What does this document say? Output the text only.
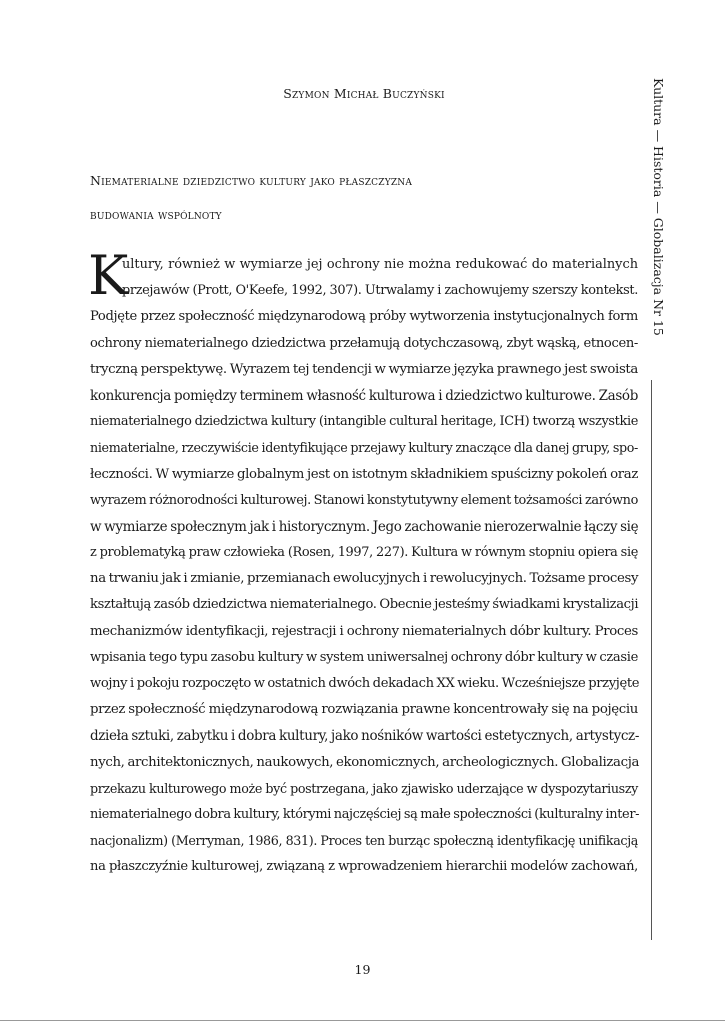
Szymon Michał Buczyński
Niematerialne dziedzictwo kultury jako płaszczyzna
budowania wspólnoty
K
ultury, również w wymiarze jej ochrony nie można redukować do materialnych
przejawów (Prott, O'Keefe, 1992, 307). Utrwalamy i zachowujemy szerszy kontekst.
Podjęte przez społeczność międzynarodową próby wytworzenia instytucjonalnych form
ochrony niematerialnego dziedzictwa przełamują dotychczasową, zbyt wąską, etnocen-
tryczną perspektywę. Wyrazem tej tendencji w wymiarze języka prawnego jest swoista
konkurencja pomiędzy terminem własność kulturowa i dziedzictwo kulturowe. Zasób
niematerialnego dziedzictwa kultury (intangible cultural heritage, ICH) tworzą wszystkie
niematerialne, rzeczywiście identyfikujące przejawy kultury znaczące dla danej grupy, spo-
łeczności. W wymiarze globalnym jest on istotnym składnikiem spuścizny pokoleń oraz
wyrazem różnorodności kulturowej. Stanowi konstytutywny element tożsamości zarówno
w wymiarze społecznym jak i historycznym. Jego zachowanie nierozerwalnie łączy się
z problematyką praw człowieka (Rosen, 1997, 227). Kultura w równym stopniu opiera się
na trwaniu jak i zmianie, przemianach ewolucyjnych i rewolucyjnych. Tożsame procesy
kształtują zasób dziedzictwa niematerialnego. Obecnie jesteśmy świadkami krystalizacji
mechanizmów identyfikacji, rejestracji i ochrony niematerialnych dóbr kultury. Proces
wpisania tego typu zasobu kultury w system uniwersalnej ochrony dóbr kultury w czasie
wojny i pokoju rozpoczęto w ostatnich dwóch dekadach XX wieku. Wcześniejsze przyjęte
przez społeczność międzynarodową rozwiązania prawne koncentrowały się na pojęciu
dzieła sztuki, zabytku i dobra kultury, jako nośników wartości estetycznych, artystycz-
nych, architektonicznych, naukowych, ekonomicznych, archeologicznych. Globalizacja
przekazu kulturowego może być postrzegana, jako zjawisko uderzające w dyspozytariuszy
niematerialnego dobra kultury, którymi najczęściej są małe społeczności (kulturalny inter-
nacjonalizm) (Merryman, 1986, 831). Proces ten burząc społeczną identyfikację unifikacją
na płaszczyźnie kulturowej, związaną z wprowadzeniem hierarchii modelów zachowań,
Kultura — Historia — Globalizacja Nr 15
19
